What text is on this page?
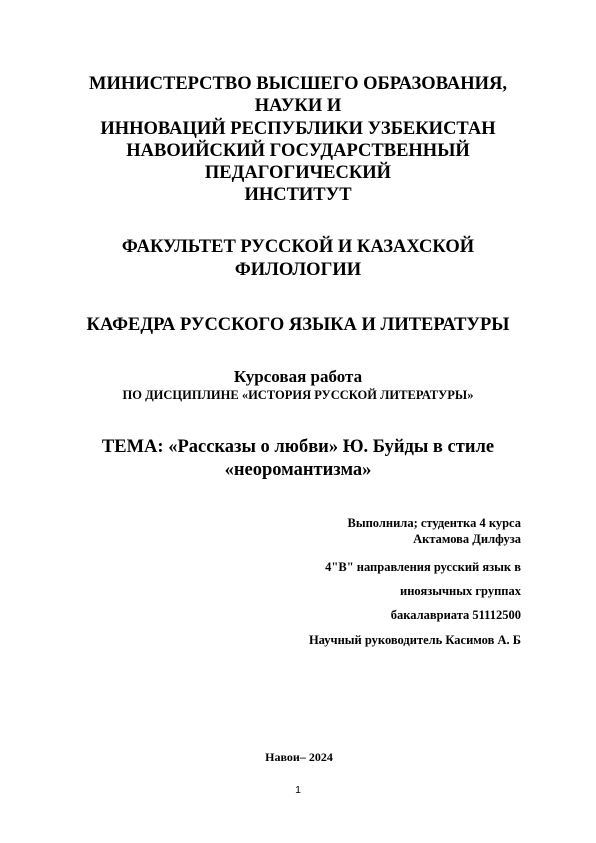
МИНИСТЕРСТВО ВЫСШЕГО ОБРАЗОВАНИЯ,
НАУКИ И
ИННОВАЦИЙ РЕСПУБЛИКИ УЗБЕКИСТАН
НАВОИЙСКИЙ ГОСУДАРСТВЕННЫЙ
ПЕДАГОГИЧЕСКИЙ
ИНСТИТУТ
ФАКУЛЬТЕТ РУССКОЙ И КАЗАХСКОЙ
ФИЛОЛОГИИ
КАФЕДРА РУССКОГО ЯЗЫКА И ЛИТЕРАТУРЫ
Курсовая работа
ПО ДИСЦИПЛИНЕ «ИСТОРИЯ РУССКОЙ ЛИТЕРАТУРЫ»
ТЕМА: «Рассказы о любви» Ю. Буйды в стиле
«неоромантизма»
Выполнила; студентка 4 курса
Актамова Дилфуза
4"В" направления русский язык в
иноязычных группах
бакалавриата 51112500
Научный руководитель Касимов А. Б
Навои– 2024
1
